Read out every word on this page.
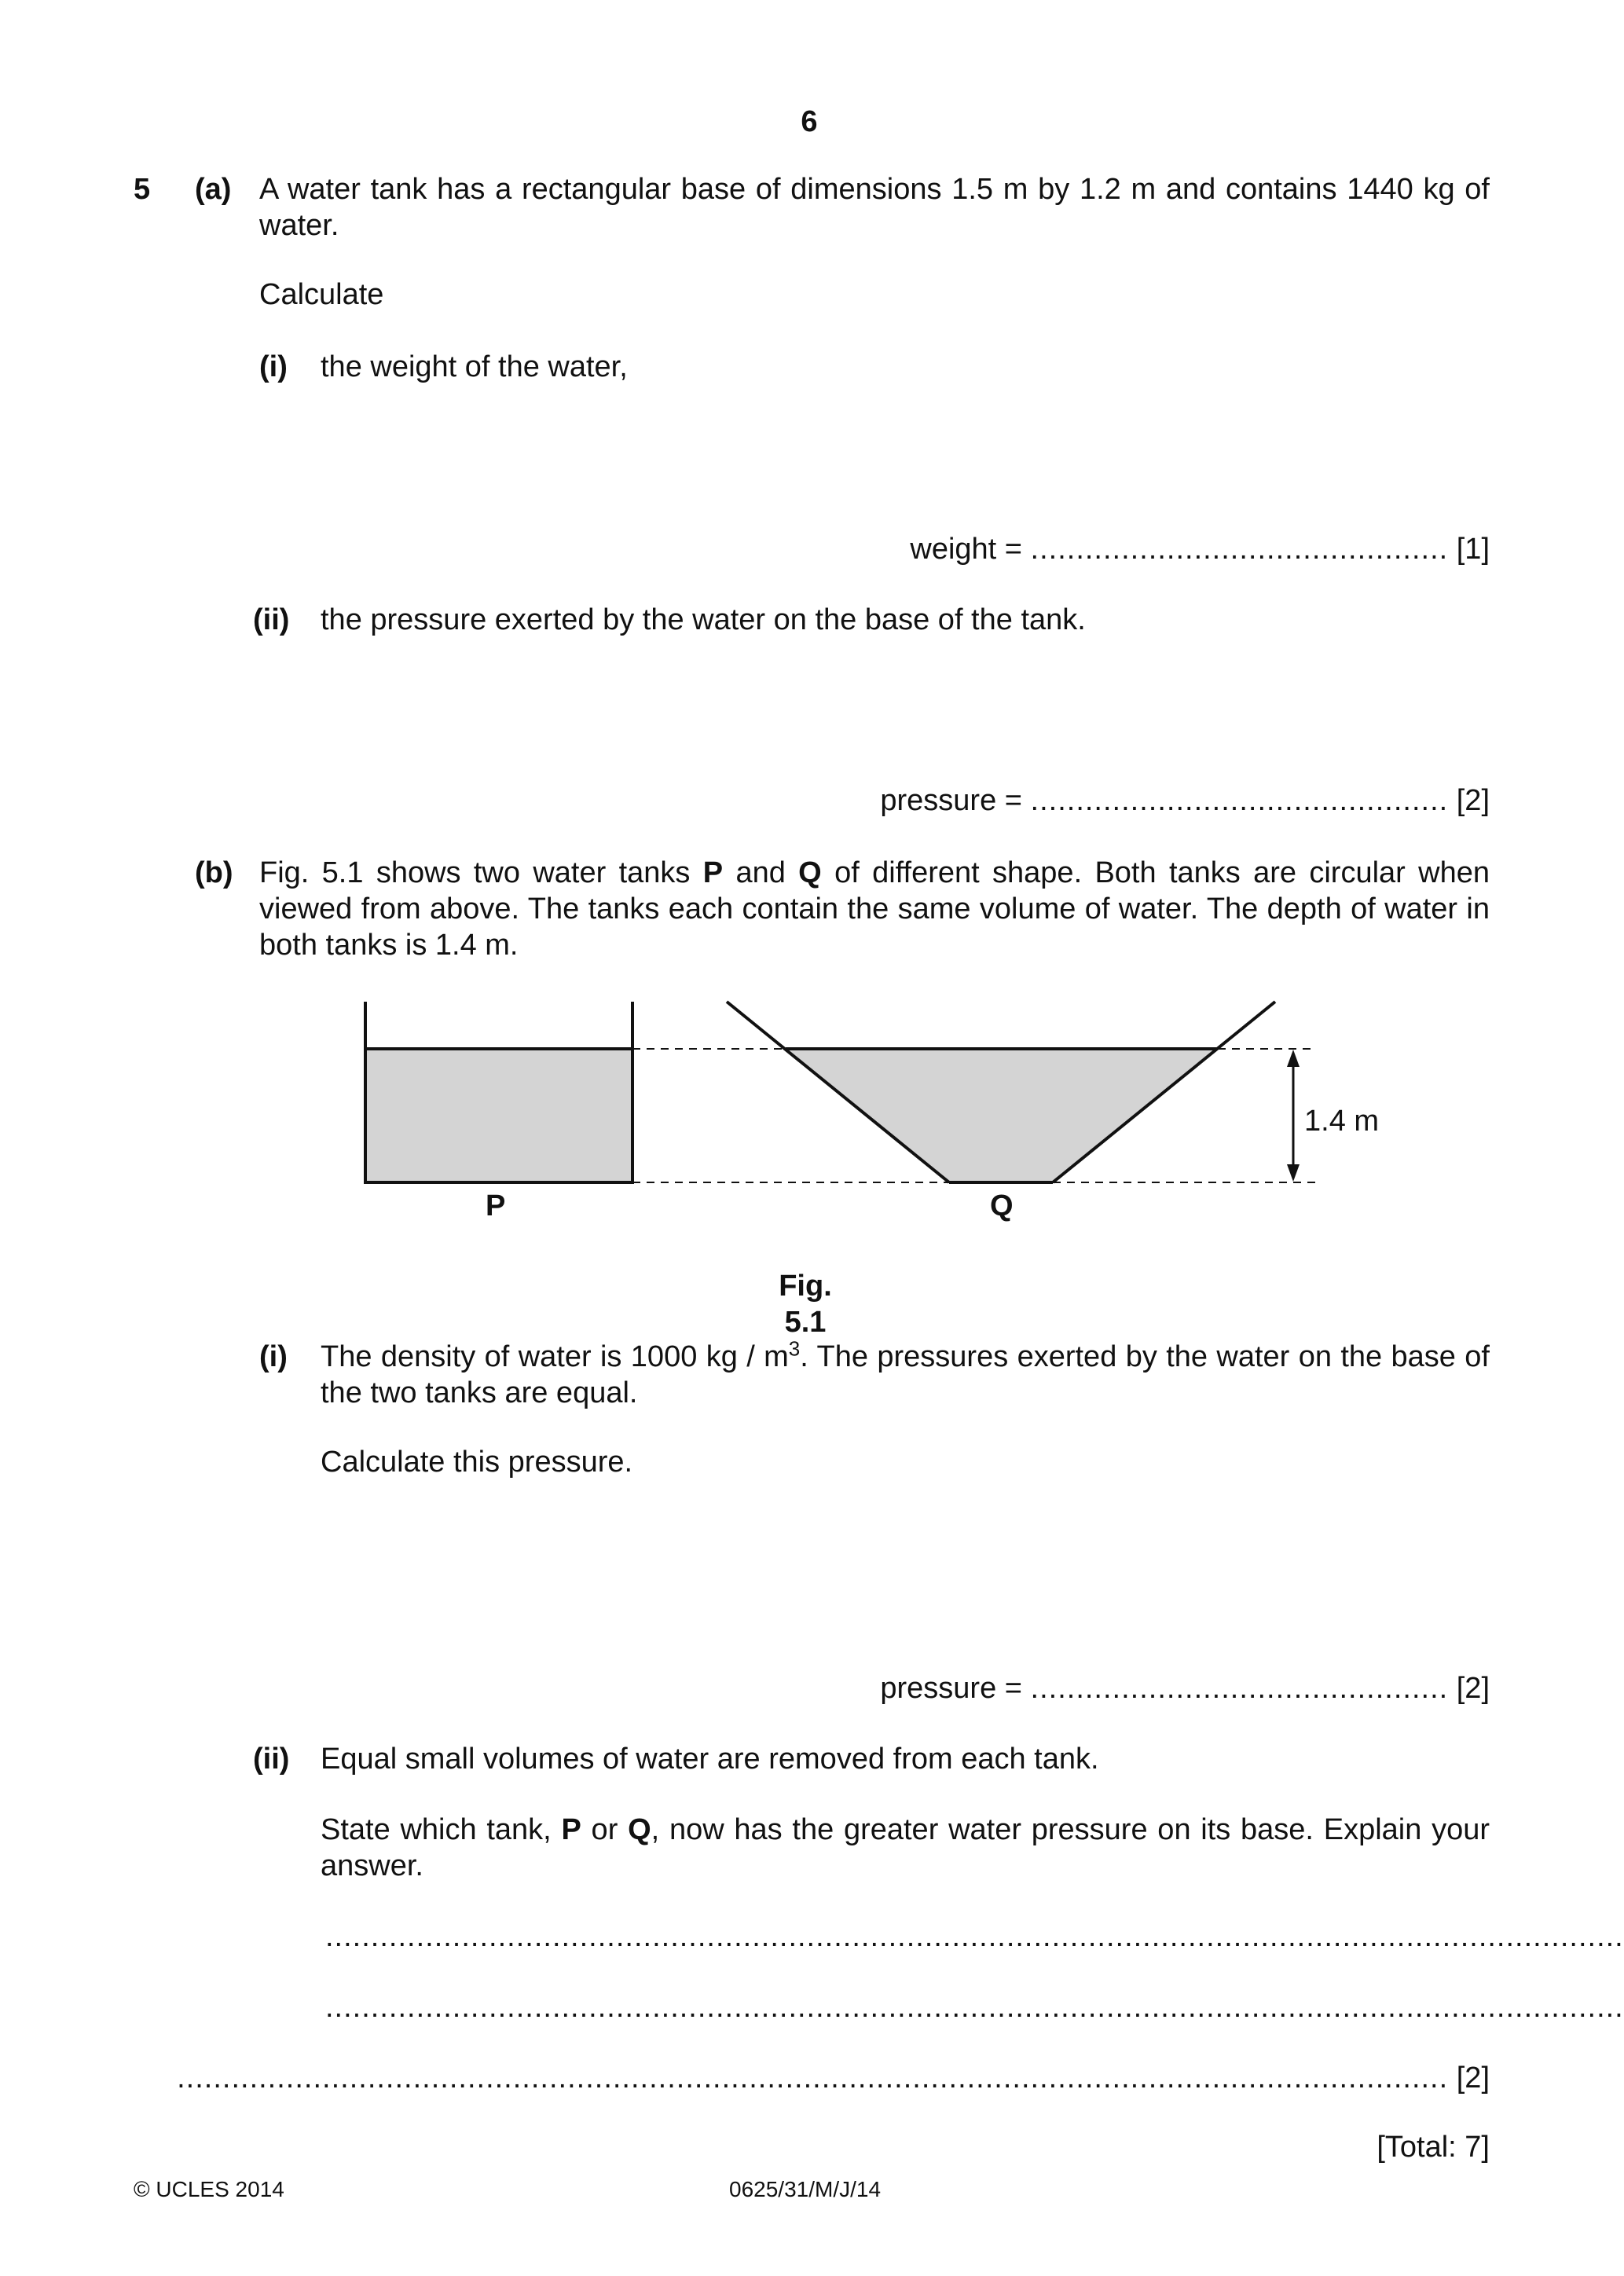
6
5 (a) A water tank has a rectangular base of dimensions 1.5 m by 1.2 m and contains 1440 kg of water.
Calculate
(i) the weight of the water,
weight = .............................................. [1]
(ii) the pressure exerted by the water on the base of the tank.
pressure = .............................................. [2]
(b) Fig. 5.1 shows two water tanks P and Q of different shape. Both tanks are circular when viewed from above. The tanks each contain the same volume of water. The depth of water in both tanks is 1.4 m.
1.4 m
P	Q
Fig. 5.1
(i) The density of water is 1000 kg / $m^3$. The pressures exerted by the water on the base of the two tanks are equal.
Calculate this pressure.
pressure = .............................................. [2]
(ii) Equal small volumes of water are removed from each tank.
State which tank, P or Q, now has the greater water pressure on its base. Explain your answer.
...............................................................................................................................................
...............................................................................................................................................
............................................................................................................................................ [2]
[Total: 7]
© UCLES 2014	0625/31/M/J/14
